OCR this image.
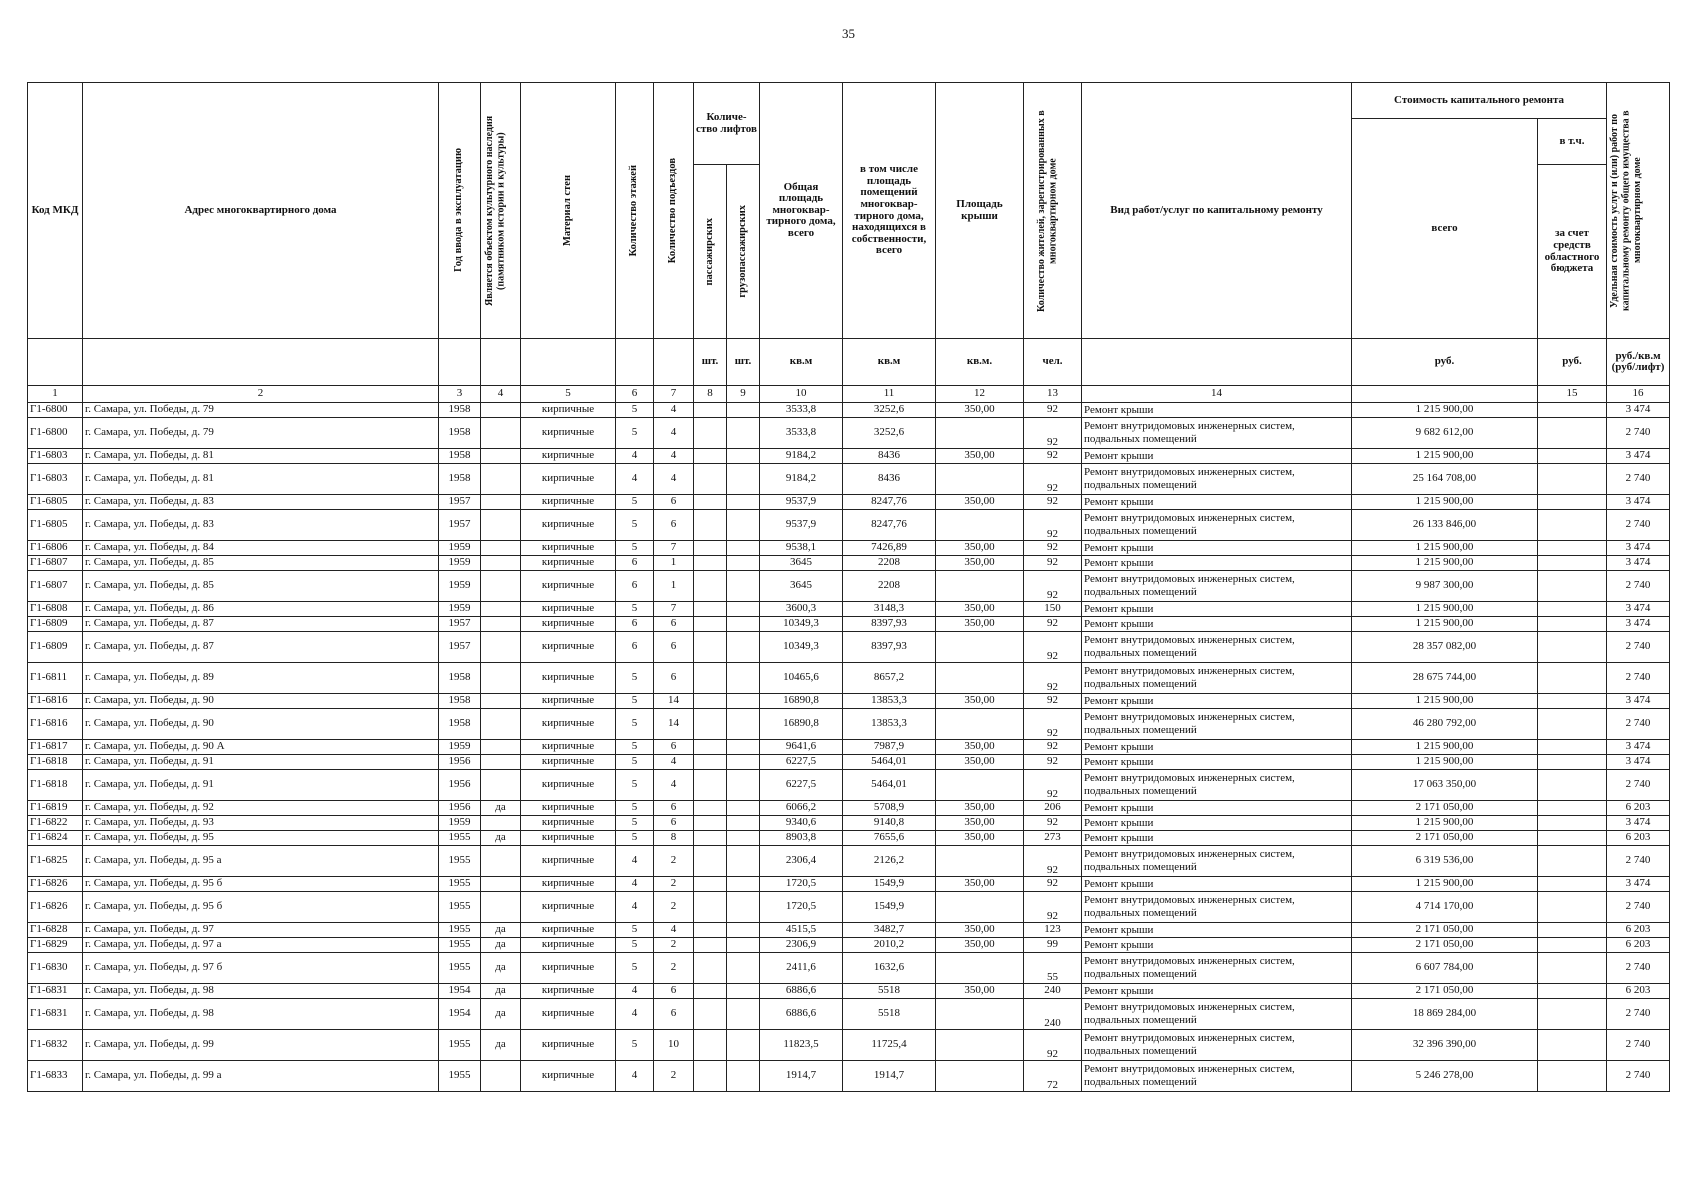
35
Код МКД	Адрес многоквартирного дома	Год ввода в эксплуатацию	Является объектом культурного наследия (памятником истории и культуры)	Материал стен	Количество этажей	Количество подъездов	Количе-ство лифтов		Общая площадь многоквар-тирного дома, всего	в том числе площадь помещений многоквар-тирного дома, находящихся в собственности, всего	Площадь крыши	Количество жителей, зарегистрированных в многоквартирном доме	Вид работ/услуг по капитальному ремонту	Стоимость капитального ремонта		Удельная стоимость услуг и (или) работ по капитальному ремонту общего имущества в многоквартирном доме

														всего	в т.ч.		

							пассажирских	грузопассажирских							за счет средств областного бюджета		
							шт.	шт.	кв.м	кв.м	кв.м.	чел.		руб.	руб.	руб./кв.м (руб/лифт)	
1	2	3	4	5	6	7	8	9	10	11	12	13	14		15	16	
Г1-6800	г. Самара, ул. Победы, д. 79	1958		кирпичные	5	4			3533,8	3252,6	350,00	92	Ремонт крыши	1 215 900,00		3 474	
Г1-6800	г. Самара, ул. Победы, д. 79	1958		кирпичные	5	4			3533,8	3252,6		92	Ремонт внутридомовых инженерных систем, подвальных помещений	9 682 612,00		2 740	
Г1-6803	г. Самара, ул. Победы, д. 81	1958		кирпичные	4	4			9184,2	8436	350,00	92	Ремонт крыши	1 215 900,00		3 474	
Г1-6803	г. Самара, ул. Победы, д. 81	1958		кирпичные	4	4			9184,2	8436		92	Ремонт внутридомовых инженерных систем, подвальных помещений	25 164 708,00		2 740	
Г1-6805	г. Самара, ул. Победы, д. 83	1957		кирпичные	5	6			9537,9	8247,76	350,00	92	Ремонт крыши	1 215 900,00		3 474	
Г1-6805	г. Самара, ул. Победы, д. 83	1957		кирпичные	5	6			9537,9	8247,76		92	Ремонт внутридомовых инженерных систем, подвальных помещений	26 133 846,00		2 740	
Г1-6806	г. Самара, ул. Победы, д. 84	1959		кирпичные	5	7			9538,1	7426,89	350,00	92	Ремонт крыши	1 215 900,00		3 474	
Г1-6807	г. Самара, ул. Победы, д. 85	1959		кирпичные	6	1			3645	2208	350,00	92	Ремонт крыши	1 215 900,00		3 474	
Г1-6807	г. Самара, ул. Победы, д. 85	1959		кирпичные	6	1			3645	2208		92	Ремонт внутридомовых инженерных систем, подвальных помещений	9 987 300,00		2 740	
Г1-6808	г. Самара, ул. Победы, д. 86	1959		кирпичные	5	7			3600,3	3148,3	350,00	150	Ремонт крыши	1 215 900,00		3 474	
Г1-6809	г. Самара, ул. Победы, д. 87	1957		кирпичные	6	6			10349,3	8397,93	350,00	92	Ремонт крыши	1 215 900,00		3 474	
Г1-6809	г. Самара, ул. Победы, д. 87	1957		кирпичные	6	6			10349,3	8397,93		92	Ремонт внутридомовых инженерных систем, подвальных помещений	28 357 082,00		2 740	
Г1-6811	г. Самара, ул. Победы, д. 89	1958		кирпичные	5	6			10465,6	8657,2		92	Ремонт внутридомовых инженерных систем, подвальных помещений	28 675 744,00		2 740	
Г1-6816	г. Самара, ул. Победы, д. 90	1958		кирпичные	5	14			16890,8	13853,3	350,00	92	Ремонт крыши	1 215 900,00		3 474	
Г1-6816	г. Самара, ул. Победы, д. 90	1958		кирпичные	5	14			16890,8	13853,3		92	Ремонт внутридомовых инженерных систем, подвальных помещений	46 280 792,00		2 740	
Г1-6817	г. Самара, ул. Победы, д. 90 А	1959		кирпичные	5	6			9641,6	7987,9	350,00	92	Ремонт крыши	1 215 900,00		3 474	
Г1-6818	г. Самара, ул. Победы, д. 91	1956		кирпичные	5	4			6227,5	5464,01	350,00	92	Ремонт крыши	1 215 900,00		3 474	
Г1-6818	г. Самара, ул. Победы, д. 91	1956		кирпичные	5	4			6227,5	5464,01		92	Ремонт внутридомовых инженерных систем, подвальных помещений	17 063 350,00		2 740	
Г1-6819	г. Самара, ул. Победы, д. 92	1956	да	кирпичные	5	6			6066,2	5708,9	350,00	206	Ремонт крыши	2 171 050,00		6 203	
Г1-6822	г. Самара, ул. Победы, д. 93	1959		кирпичные	5	6			9340,6	9140,8	350,00	92	Ремонт крыши	1 215 900,00		3 474	
Г1-6824	г. Самара, ул. Победы, д. 95	1955	да	кирпичные	5	8			8903,8	7655,6	350,00	273	Ремонт крыши	2 171 050,00		6 203	
Г1-6825	г. Самара, ул. Победы, д. 95 а	1955		кирпичные	4	2			2306,4	2126,2		92	Ремонт внутридомовых инженерных систем, подвальных помещений	6 319 536,00		2 740	
Г1-6826	г. Самара, ул. Победы, д. 95 б	1955		кирпичные	4	2			1720,5	1549,9	350,00	92	Ремонт крыши	1 215 900,00		3 474	
Г1-6826	г. Самара, ул. Победы, д. 95 б	1955		кирпичные	4	2			1720,5	1549,9		92	Ремонт внутридомовых инженерных систем, подвальных помещений	4 714 170,00		2 740	
Г1-6828	г. Самара, ул. Победы, д. 97	1955	да	кирпичные	5	4			4515,5	3482,7	350,00	123	Ремонт крыши	2 171 050,00		6 203	
Г1-6829	г. Самара, ул. Победы, д. 97 а	1955	да	кирпичные	5	2			2306,9	2010,2	350,00	99	Ремонт крыши	2 171 050,00		6 203	
Г1-6830	г. Самара, ул. Победы, д. 97 б	1955	да	кирпичные	5	2			2411,6	1632,6		55	Ремонт внутридомовых инженерных систем, подвальных помещений	6 607 784,00		2 740	
Г1-6831	г. Самара, ул. Победы, д. 98	1954	да	кирпичные	4	6			6886,6	5518	350,00	240	Ремонт крыши	2 171 050,00		6 203	
Г1-6831	г. Самара, ул. Победы, д. 98	1954	да	кирпичные	4	6			6886,6	5518		240	Ремонт внутридомовых инженерных систем, подвальных помещений	18 869 284,00		2 740	
Г1-6832	г. Самара, ул. Победы, д. 99	1955	да	кирпичные	5	10			11823,5	11725,4		92	Ремонт внутридомовых инженерных систем, подвальных помещений	32 396 390,00		2 740	
Г1-6833	г. Самара, ул. Победы, д. 99 а	1955		кирпичные	4	2			1914,7	1914,7		72	Ремонт внутридомовых инженерных систем, подвальных помещений	5 246 278,00		2 740	
